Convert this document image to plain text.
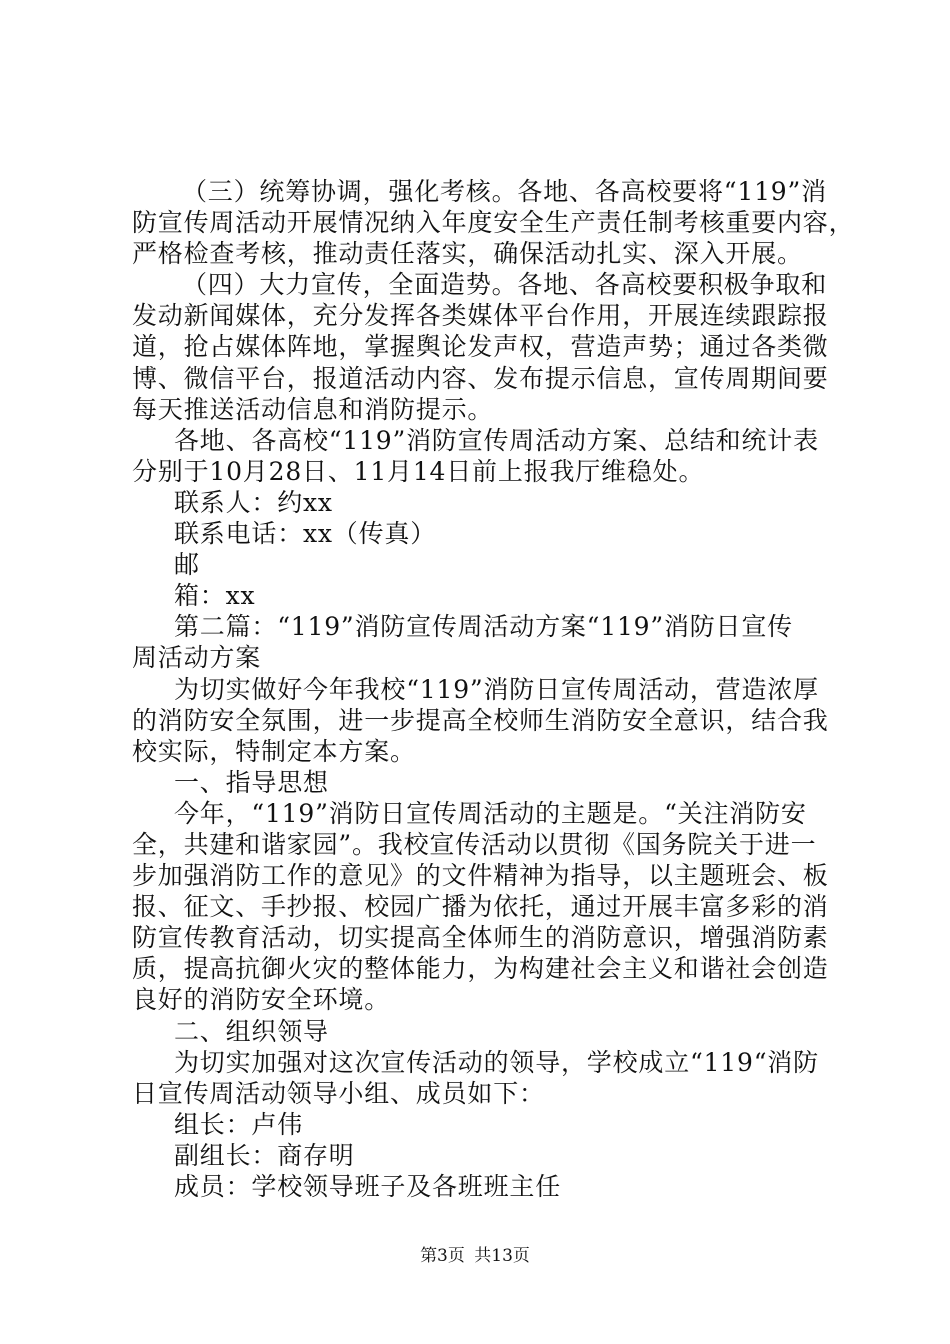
（三）统筹协调，强化考核。各地、各高校要将“119”消
防宣传周活动开展情况纳入年度安全生产责任制考核重要内容，
严格检查考核，推动责任落实，确保活动扎实、深入开展。
（四）大力宣传，全面造势。各地、各高校要积极争取和
发动新闻媒体，充分发挥各类媒体平台作用，开展连续跟踪报
道，抢占媒体阵地，掌握舆论发声权，营造声势；通过各类微
博、微信平台，报道活动内容、发布提示信息，宣传周期间要
每天推送活动信息和消防提示。
各地、各高校“119”消防宣传周活动方案、总结和统计表
分别于10月28日、11月14日前上报我厅维稳处。
联系人：约xx
联系电话：xx（传真）
邮
箱：xx
第二篇：“119”消防宣传周活动方案“119”消防日宣传
周活动方案
为切实做好今年我校“119”消防日宣传周活动，营造浓厚
的消防安全氛围，进一步提高全校师生消防安全意识，结合我
校实际，特制定本方案。
一、指导思想
今年，“119”消防日宣传周活动的主题是。“关注消防安
全，共建和谐家园”。我校宣传活动以贯彻《国务院关于进一
步加强消防工作的意见》的文件精神为指导，以主题班会、板
报、征文、手抄报、校园广播为依托，通过开展丰富多彩的消
防宣传教育活动，切实提高全体师生的消防意识，增强消防素
质，提高抗御火灾的整体能力，为构建社会主义和谐社会创造
良好的消防安全环境。
二、组织领导
为切实加强对这次宣传活动的领导，学校成立“119“消防
日宣传周活动领导小组、成员如下：
组长：卢伟
副组长：商存明
成员：学校领导班子及各班班主任
第3页 共13页
